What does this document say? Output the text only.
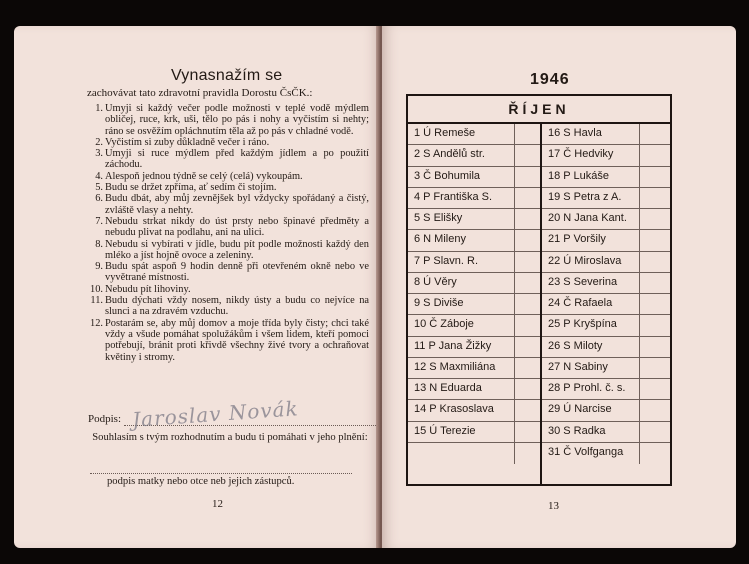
Vynasnažím se
zachovávat tato zdravotní pravidla Dorostu ČsČK.:
1. Umyji si každý večer podle možnosti v teplé vodě mýdlem obličej, ruce, krk, uši, tělo po pás i nohy a vyčistím si nehty; ráno se osvěžím opláchnutím těla až po pás v chladné vodě.
2. Vyčistím si zuby důkladně večer i ráno.
3. Umyji si ruce mýdlem před každým jídlem a po použití záchodu.
4. Alespoň jednou týdně se celý (celá) vykoupám.
5. Budu se držet zpříma, ať sedím či stojím.
6. Budu dbát, aby můj zevnějšek byl vždycky spořádaný a čistý, zvláště vlasy a nehty.
7. Nebudu strkat nikdy do úst prsty nebo špinavé předměty a nebudu plivat na podlahu, ani na ulici.
8. Nebudu si vybírati v jídle, budu pít podle možnosti každý den mléko a jíst hojně ovoce a zeleniny.
9. Budu spát aspoň 9 hodin denně při otevřeném okně nebo ve vyvětrané místnosti.
10. Nebudu pít lihoviny.
11. Budu dýchati vždy nosem, nikdy ústy a budu co nejvíce na slunci a na zdravém vzduchu.
12. Postarám se, aby můj domov a moje třída byly čisty; chci také vždy a všude pomáhat spolužákům i všem lidem, kteří pomoci potřebují, bránit proti křivdě všechny živé tvory a ochraňovat květiny i stromy.
Podpis: Jaroslav Novák
Souhlasím s tvým rozhodnutím a budu ti pomáhati v jeho plnění:
podpis matky nebo otce neb jejich zástupců.
12
1946
ŘÍJEN
1 Ú Remeše
2 S Andělů str.
3 Č Bohumila
4 P Františka S.
5 S Elišky
6 N Mileny
7 P Slavn. R.
8 Ú Věry
9 S Diviše
10 Č Záboje
11 P Jana Žižky
12 S Maxmiliána
13 N Eduarda
14 P Krasoslava
15 Ú Terezie
16 S Havla
17 Č Hedviky
18 P Lukáše
19 S Petra z A.
20 N Jana Kant.
21 P Voršily
22 Ú Miroslava
23 S Severina
24 Č Rafaela
25 P Kryšpína
26 S Miloty
27 N Sabiny
28 P Prohl. č. s.
29 Ú Narcise
30 S Radka
31 Č Volfganga
13
